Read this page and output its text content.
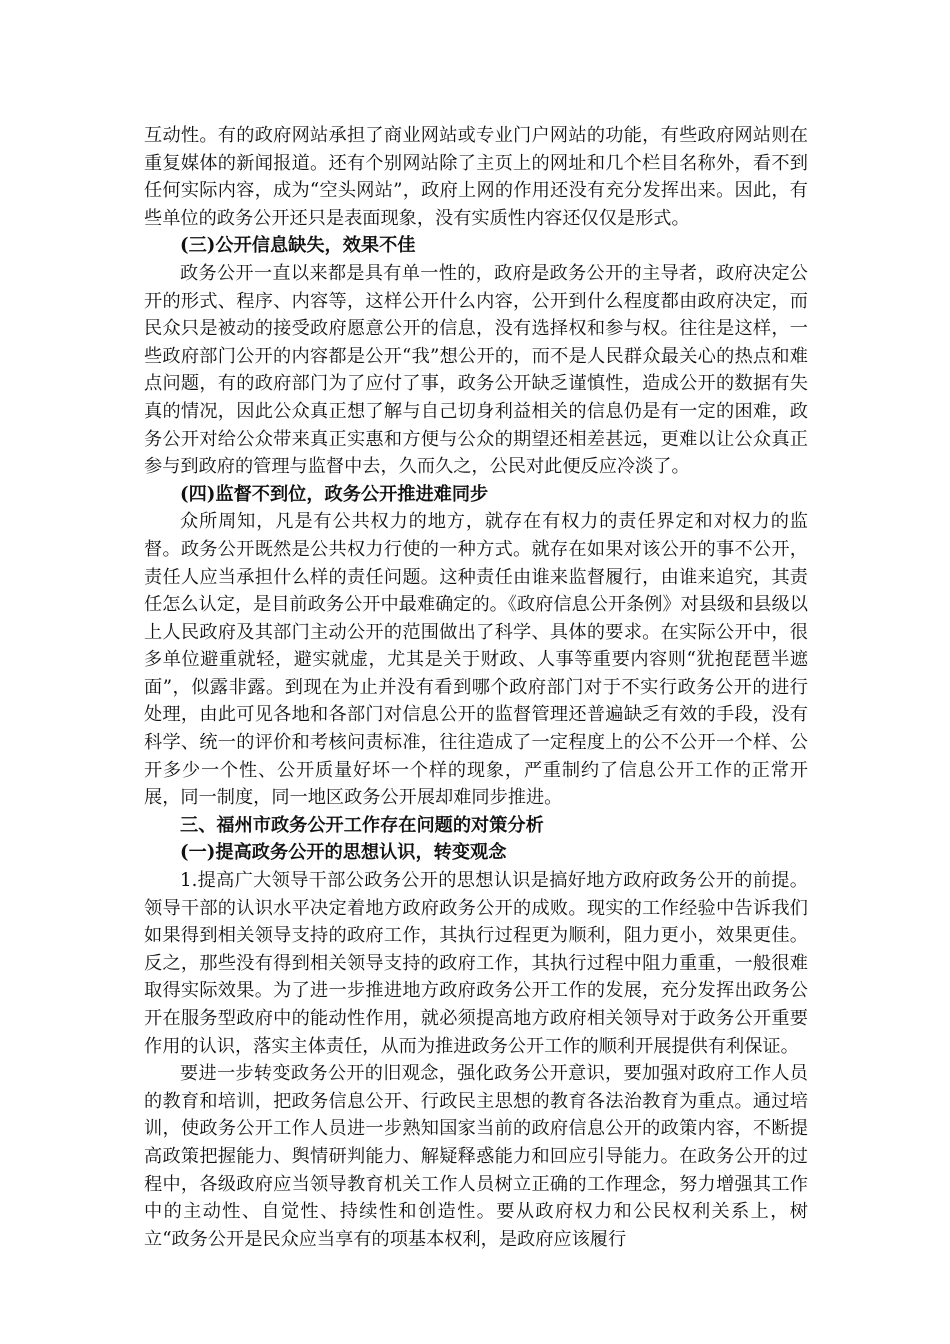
互动性。有的政府网站承担了商业网站或专业门户网站的功能，有些政府网站则在重复媒体的新闻报道。还有个别网站除了主页上的网址和几个栏目名称外，看不到任何实际内容，成为“空头网站”，政府上网的作用还没有充分发挥出来。因此，有些单位的政务公开还只是表面现象，没有实质性内容还仅仅是形式。

(三)公开信息缺失，效果不佳

政务公开一直以来都是具有单一性的，政府是政务公开的主导者，政府决定公开的形式、程序、内容等，这样公开什么内容，公开到什么程度都由政府决定，而民众只是被动的接受政府愿意公开的信息，没有选择权和参与权。往往是这样，一些政府部门公开的内容都是公开“我”想公开的，而不是人民群众最关心的热点和难点问题，有的政府部门为了应付了事，政务公开缺乏谨慎性，造成公开的数据有失真的情况，因此公众真正想了解与自己切身利益相关的信息仍是有一定的困难，政务公开对给公众带来真正实惠和方便与公众的期望还相差甚远，更难以让公众真正参与到政府的管理与监督中去，久而久之，公民对此便反应冷淡了。

(四)监督不到位，政务公开推进难同步

众所周知，凡是有公共权力的地方，就存在有权力的责任界定和对权力的监督。政务公开既然是公共权力行使的一种方式。就存在如果对该公开的事不公开，责任人应当承担什么样的责任问题。这种责任由谁来监督履行，由谁来追究，其责任怎么认定，是目前政务公开中最难确定的。《政府信息公开条例》对县级和县级以上人民政府及其部门主动公开的范围做出了科学、具体的要求。在实际公开中，很多单位避重就轻，避实就虚，尤其是关于财政、人事等重要内容则“犹抱琵琶半遮面”，似露非露。到现在为止并没有看到哪个政府部门对于不实行政务公开的进行处理，由此可见各地和各部门对信息公开的监督管理还普遍缺乏有效的手段，没有科学、统一的评价和考核问责标准，往往造成了一定程度上的公不公开一个样、公开多少一个性、公开质量好坏一个样的现象，严重制约了信息公开工作的正常开展，同一制度，同一地区政务公开展却难同步推进。

三、福州市政务公开工作存在问题的对策分析

(一)提高政务公开的思想认识，转变观念

1.提高广大领导干部公政务公开的思想认识是搞好地方政府政务公开的前提。领导干部的认识水平决定着地方政府政务公开的成败。现实的工作经验中告诉我们如果得到相关领导支持的政府工作，其执行过程更为顺利，阻力更小，效果更佳。反之，那些没有得到相关领导支持的政府工作，其执行过程中阻力重重，一般很难取得实际效果。为了进一步推进地方政府政务公开工作的发展，充分发挥出政务公开在服务型政府中的能动性作用，就必须提高地方政府相关领导对于政务公开重要作用的认识，落实主体责任，从而为推进政务公开工作的顺利开展提供有利保证。

要进一步转变政务公开的旧观念，强化政务公开意识，要加强对政府工作人员的教育和培训，把政务信息公开、行政民主思想的教育各法治教育为重点。通过培训，使政务公开工作人员进一步熟知国家当前的政府信息公开的政策内容，不断提高政策把握能力、舆情研判能力、解疑释惑能力和回应引导能力。在政务公开的过程中，各级政府应当领导教育机关工作人员树立正确的工作理念，努力增强其工作中的主动性、自觉性、持续性和创造性。要从政府权力和公民权利关系上，树立“政务公开是民众应当享有的项基本权利，是政府应该履行
